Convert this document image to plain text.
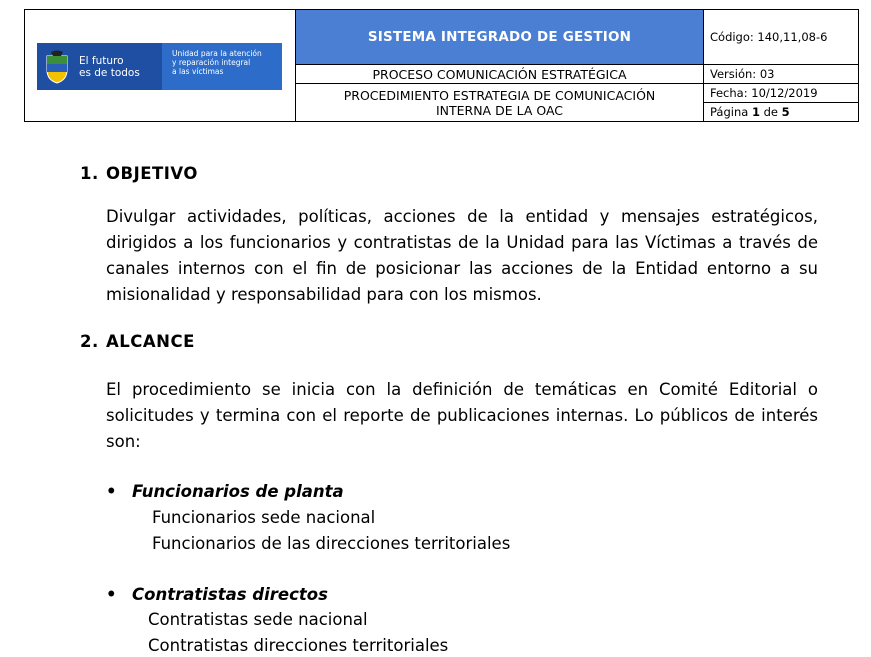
El futuro
es de todos
Unidad para la atención
y reparación integral
a las víctimas	SISTEMA INTEGRADO DE GESTION	Código: 140,11,08-6
	PROCESO COMUNICACIÓN ESTRATÉGICA	Versión: 03

	PROCEDIMIENTO ESTRATEGIA DE COMUNICACIÓN
INTERNA DE LA OAC	Fecha: 10/12/2019
		Página 1 de 5
1. OBJETIVO
Divulgar actividades, políticas, acciones de la entidad y mensajes estratégicos, dirigidos a los funcionarios y contratistas de la Unidad para las Víctimas a través de canales internos con el fin de posicionar las acciones de la Entidad entorno a su misionalidad y responsabilidad para con los mismos.
2. ALCANCE
El procedimiento se inicia con la definición de temáticas en Comité Editorial o solicitudes y termina con el reporte de publicaciones internas. Lo públicos de interés son:
• Funcionarios de planta
Funcionarios sede nacional
Funcionarios de las direcciones territoriales
• Contratistas directos
Contratistas sede nacional
Contratistas direcciones territoriales
